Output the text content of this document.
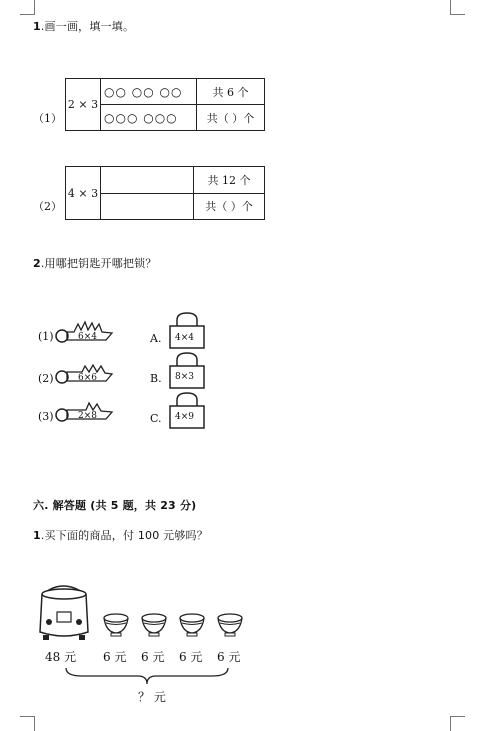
1.画一画，填一填。
（1）
2 × 3	○○ ○○ ○○	共 6 个
	○○○ ○○○	共（ ）个
（2）
4 × 3		共 12 个
		共（ ）个
2.用哪把钥匙开哪把锁？
(1)	6×4
(2)	6×6
(3)	2×8
A. 4×4
B. 8×3
C. 4×9
六. 解答题 (共 5 题，共 23 分)
1.买下面的商品，付 100 元够吗？
48 元 6 元 6 元 6 元 6 元
？ 元
